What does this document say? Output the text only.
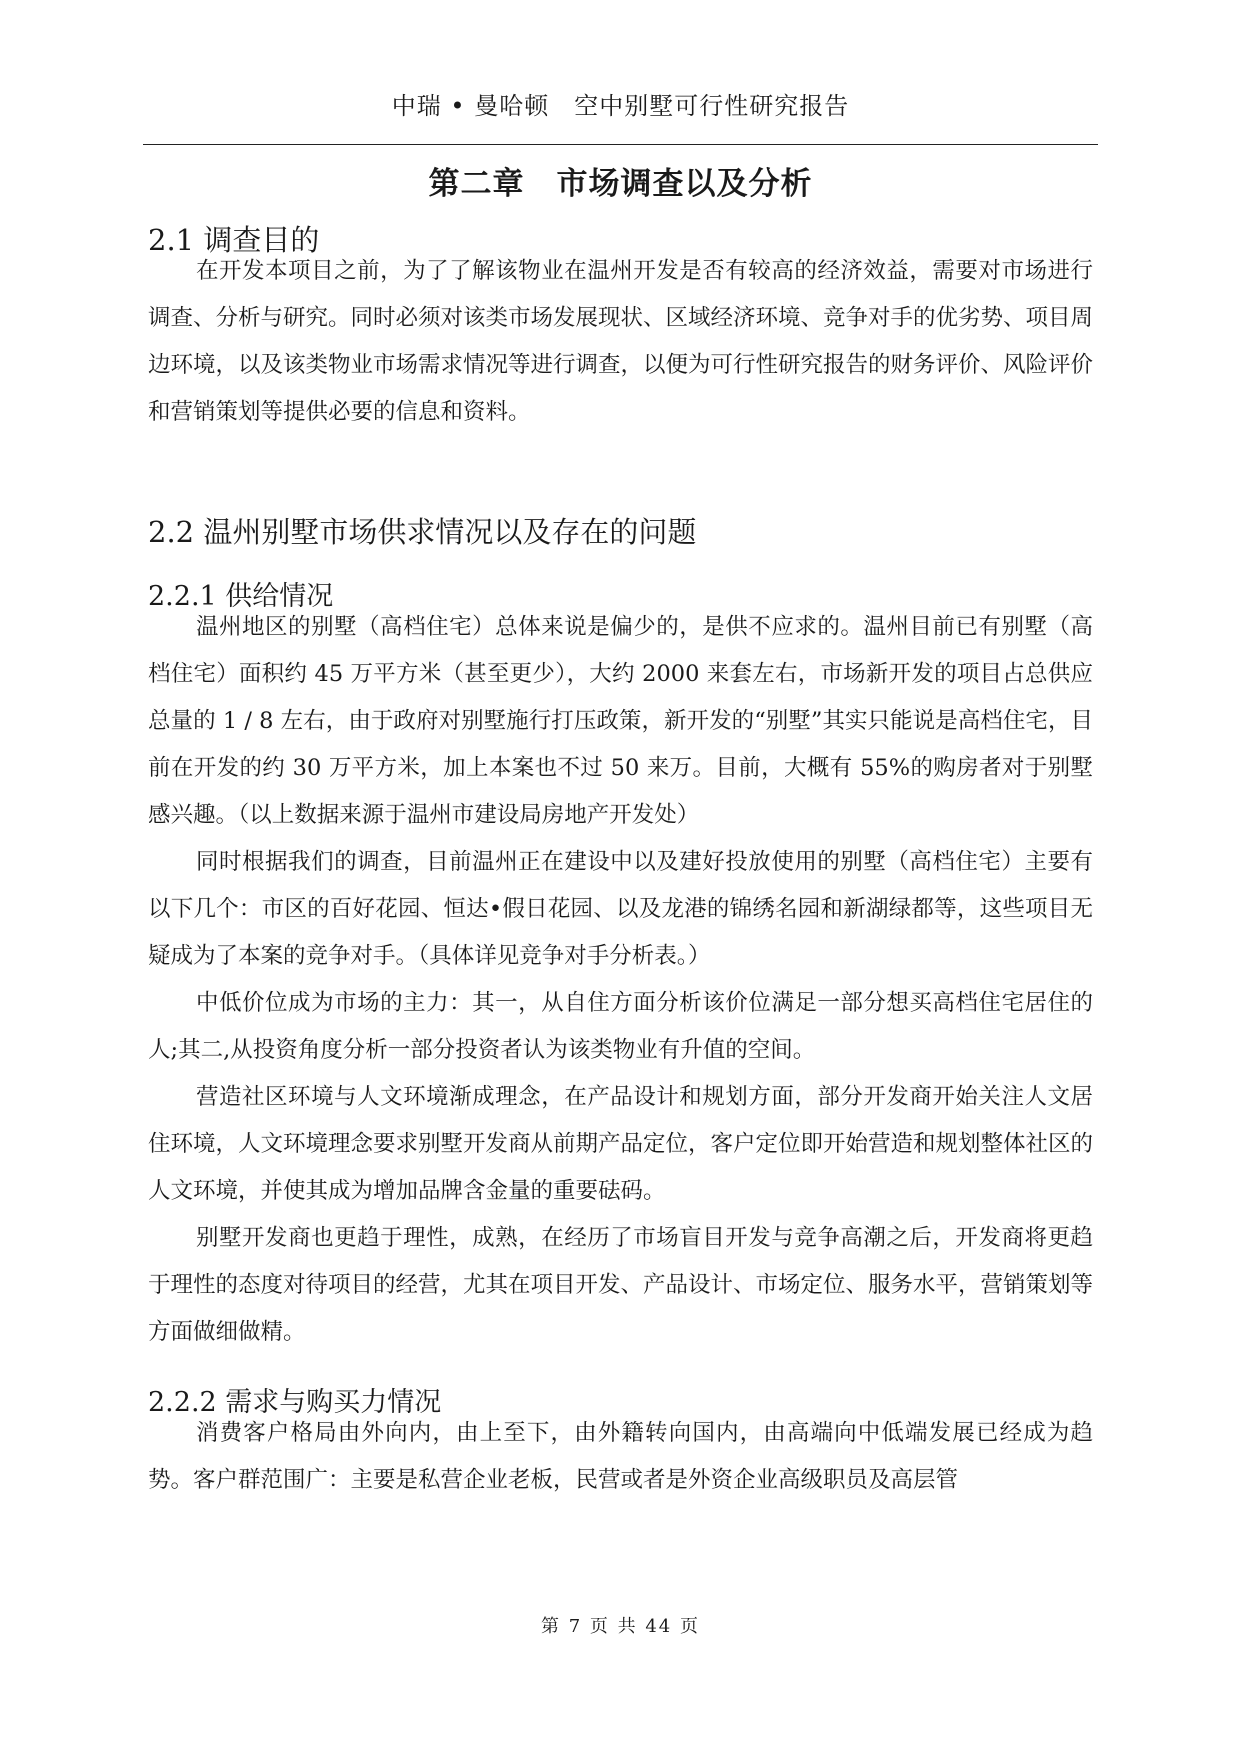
中瑞 • 曼哈顿　空中别墅可行性研究报告
第二章　市场调查以及分析
2.1 调查目的

在开发本项目之前，为了了解该物业在温州开发是否有较高的经济效益，需要对市场进行调查、分析与研究。同时必须对该类市场发展现状、区域经济环境、竞争对手的优劣势、项目周边环境，以及该类物业市场需求情况等进行调查，以便为可行性研究报告的财务评价、风险评价和营销策划等提供必要的信息和资料。

2.2 温州别墅市场供求情况以及存在的问题
2.2.1 供给情况

温州地区的别墅（高档住宅）总体来说是偏少的，是供不应求的。温州目前已有别墅（高档住宅）面积约 45 万平方米（甚至更少），大约 2000 来套左右，市场新开发的项目占总供应总量的 1 / 8 左右，由于政府对别墅施行打压政策，新开发的“别墅”其实只能说是高档住宅，目前在开发的约 30 万平方米，加上本案也不过 50 来万。目前，大概有 55%的购房者对于别墅感兴趣。（以上数据来源于温州市建设局房地产开发处）

同时根据我们的调查，目前温州正在建设中以及建好投放使用的别墅（高档住宅）主要有以下几个：市区的百好花园、恒达•假日花园、以及龙港的锦绣名园和新湖绿都等，这些项目无疑成为了本案的竞争对手。（具体详见竞争对手分析表。）

中低价位成为市场的主力：其一，从自住方面分析该价位满足一部分想买高档住宅居住的人;其二,从投资角度分析一部分投资者认为该类物业有升值的空间。

营造社区环境与人文环境渐成理念，在产品设计和规划方面，部分开发商开始关注人文居住环境，人文环境理念要求别墅开发商从前期产品定位，客户定位即开始营造和规划整体社区的人文环境，并使其成为增加品牌含金量的重要砝码。

别墅开发商也更趋于理性，成熟，在经历了市场盲目开发与竞争高潮之后，开发商将更趋于理性的态度对待项目的经营，尤其在项目开发、产品设计、市场定位、服务水平，营销策划等方面做细做精。

2.2.2 需求与购买力情况

消费客户格局由外向内，由上至下，由外籍转向国内，由高端向中低端发展已经成为趋势。客户群范围广：主要是私营企业老板，民营或者是外资企业高级职员及高层管

第 7 页 共 44 页
